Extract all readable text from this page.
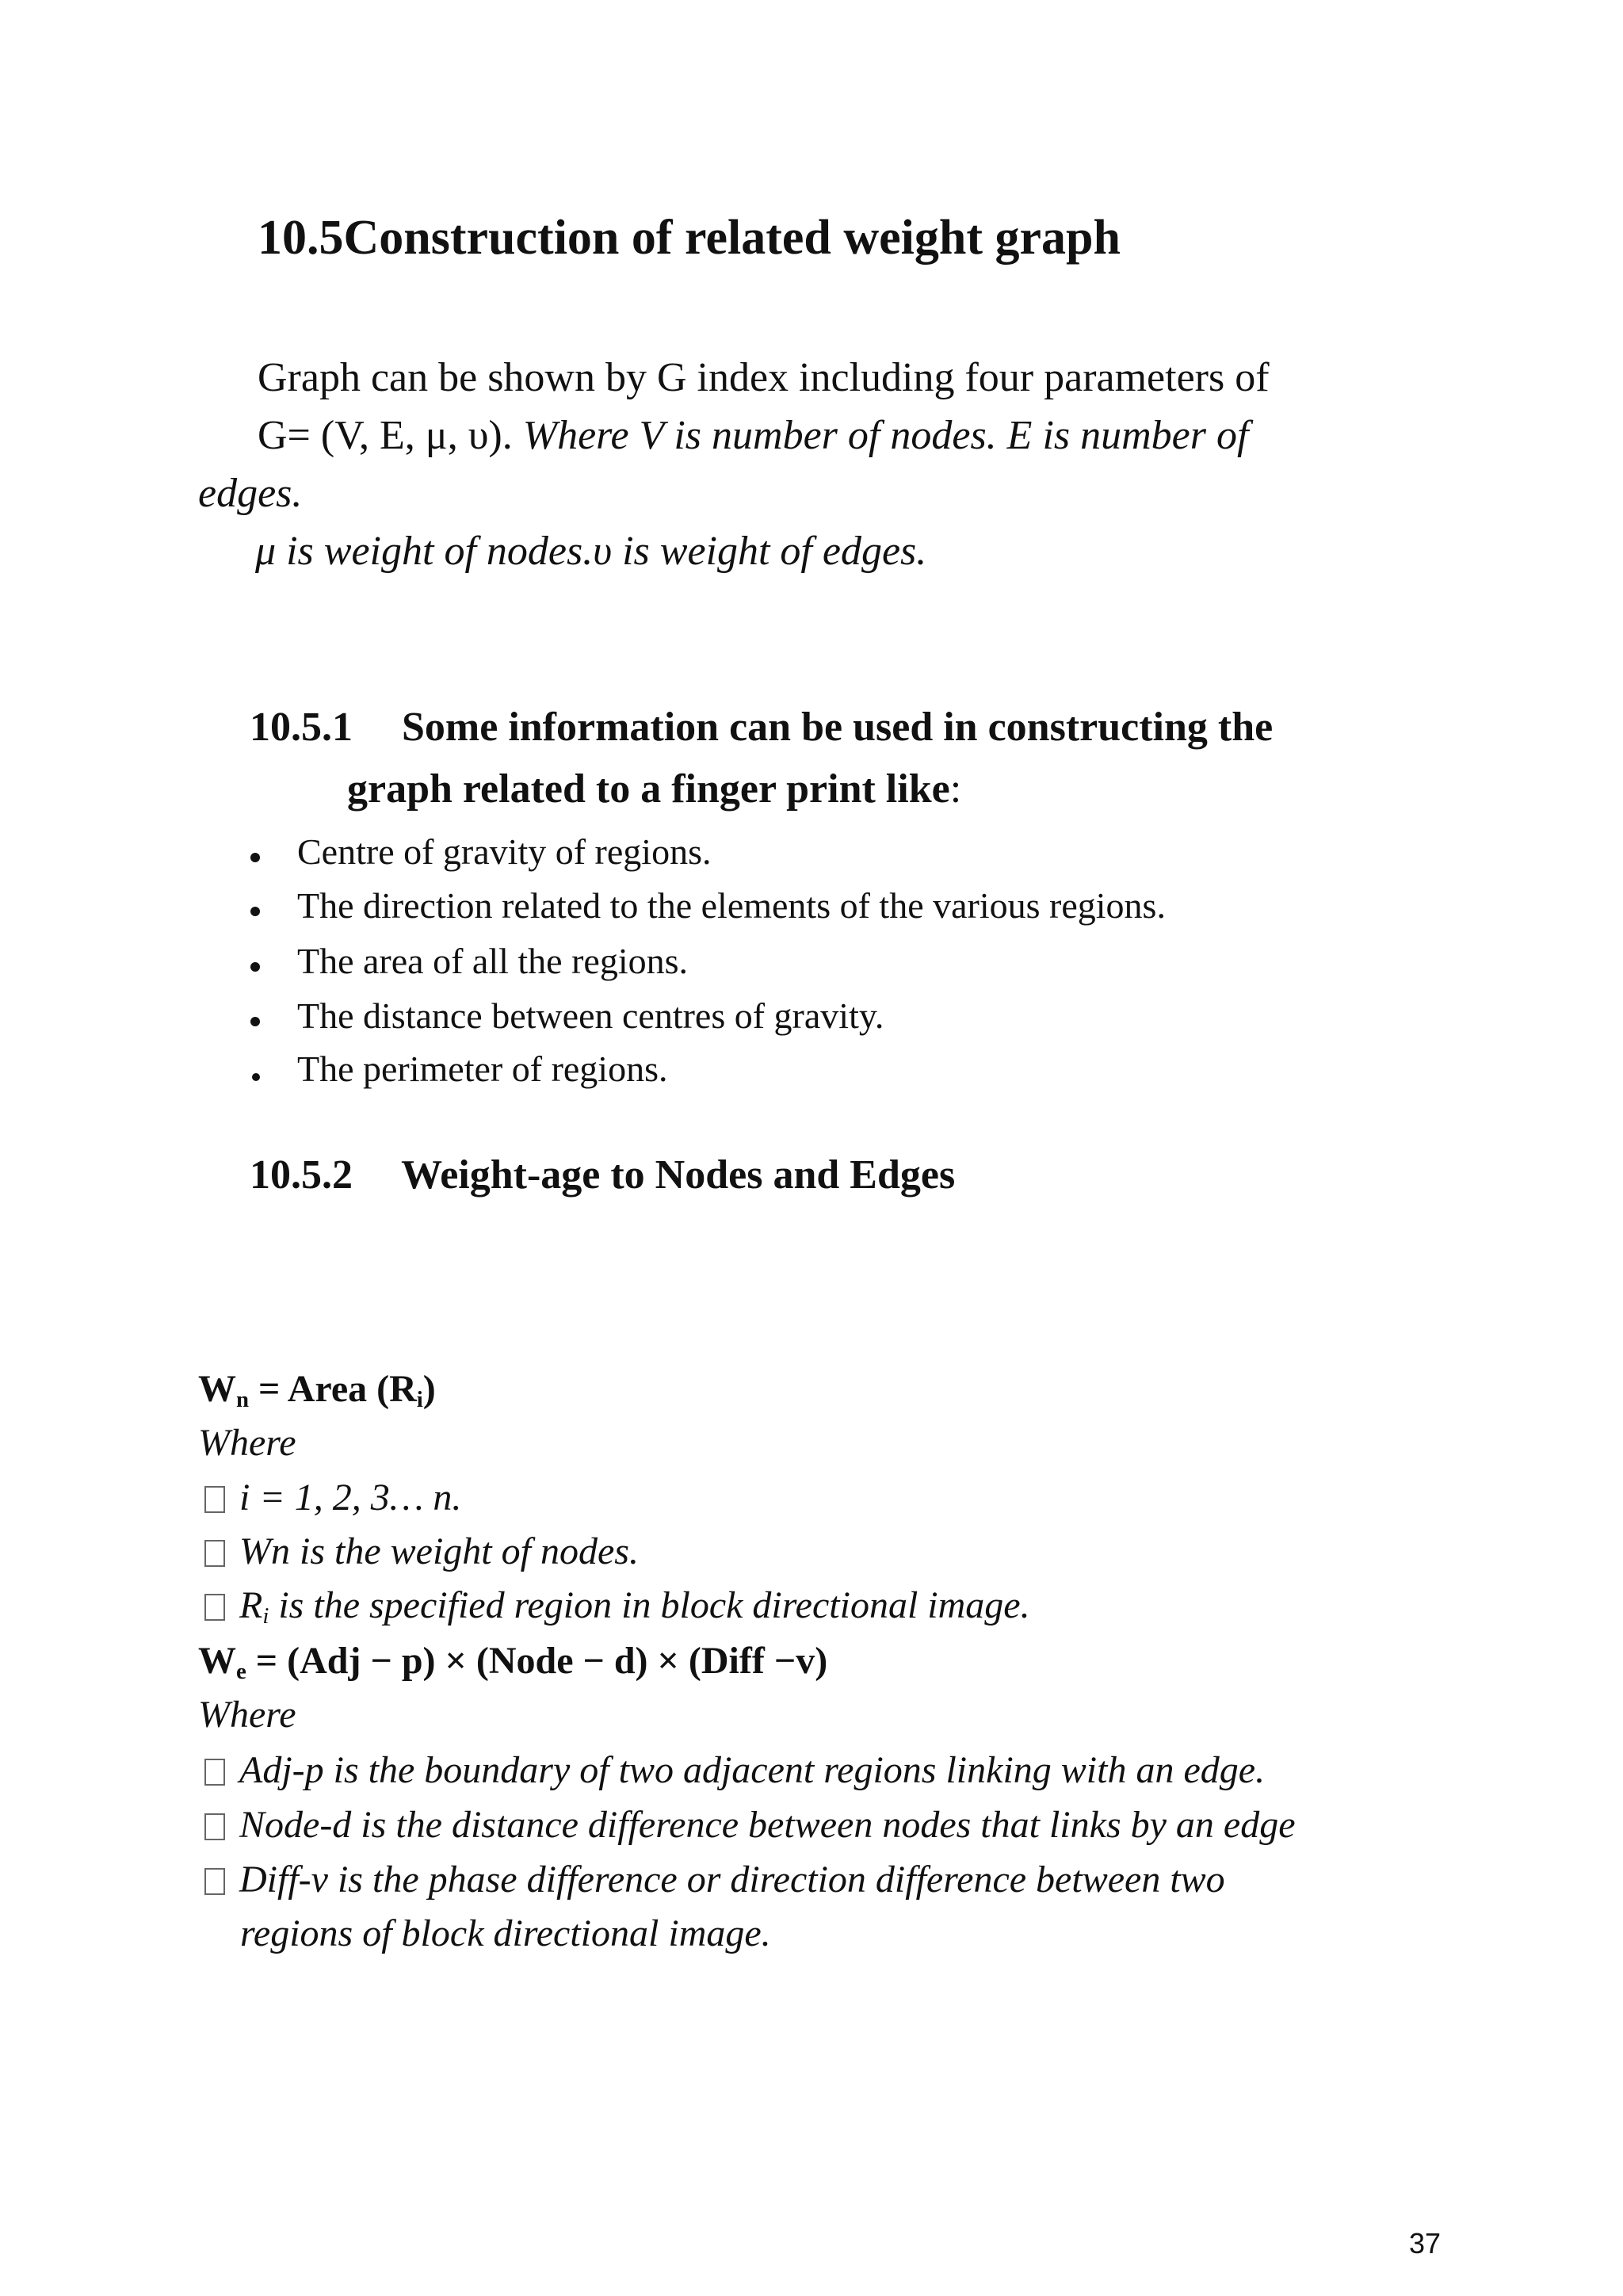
10.5Construction of related weight graph
Graph can be shown by G index including four parameters of
G= (V, E, μ, υ). Where V is number of nodes. E is number of
edges.
μ is weight of nodes.υ is weight of edges.
10.5.1 Some information can be used in constructing the
graph related to a finger print like:
Centre of gravity of regions.
The direction related to the elements of the various regions.
The area of all the regions.
The distance between centres of gravity.
The perimeter of regions.
10.5.2 Weight-age to Nodes and Edges
$W_n$ = Area $(R_i)$
Where
i = 1, 2, 3… n.
Wn is the weight of nodes.
$R_i$ is the specified region in block directional image.
$W_e = (Adj - p)$ × (Node − d) × (Diff −v)
Where
Adj-p is the boundary of two adjacent regions linking with an edge.
Node-d is the distance difference between nodes that links by an edge
Diff-v is the phase difference or direction difference between two
regions of block directional image.
37
